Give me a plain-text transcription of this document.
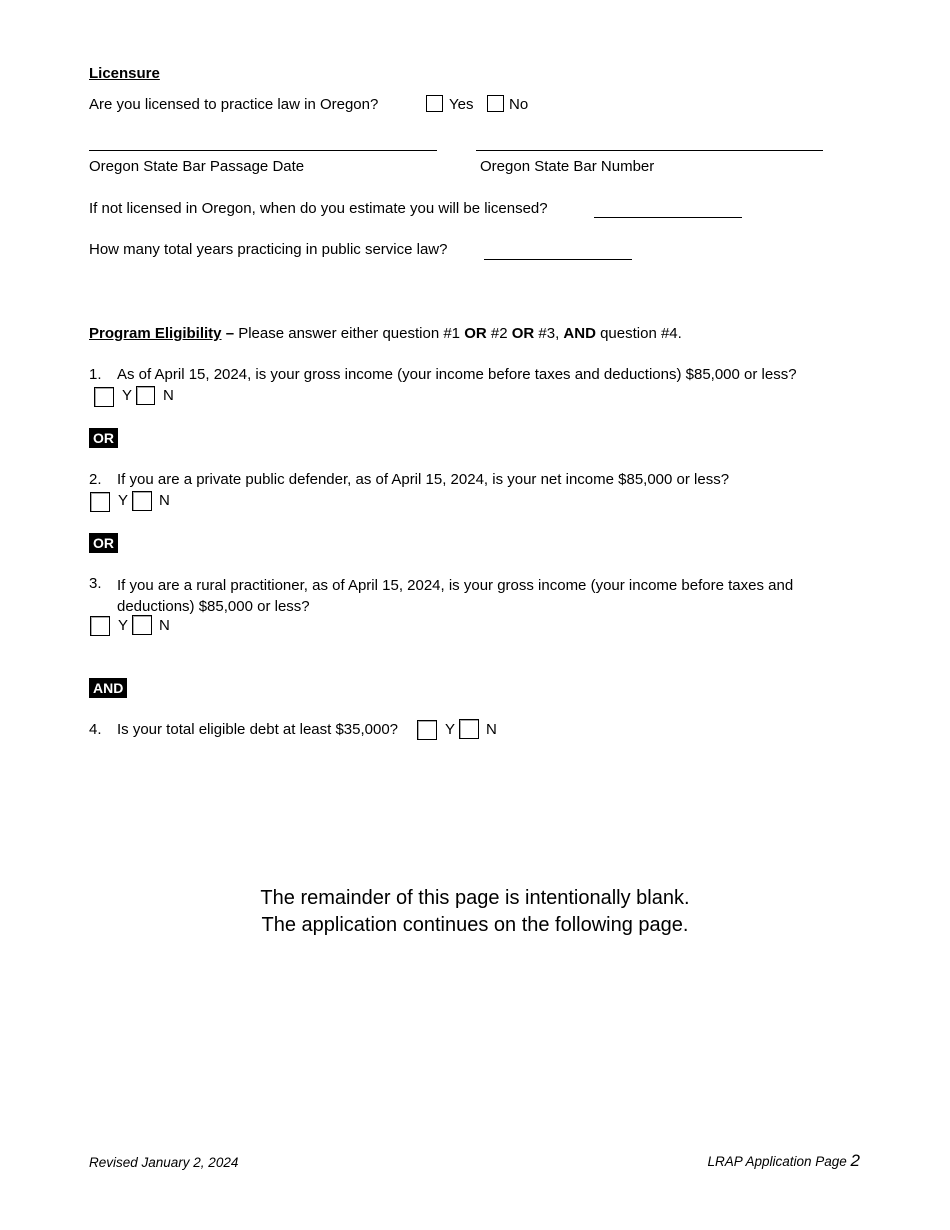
Licensure
Are you licensed to practice law in Oregon?	Yes No
Oregon State Bar Passage Date	Oregon State Bar Number
If not licensed in Oregon, when do you estimate you will be licensed?
How many total years practicing in public service law?
Program Eligibility – Please answer either question #1 OR #2 OR #3, AND question #4.
1. As of April 15, 2024, is your gross income (your income before taxes and deductions) $85,000 or less?
Y N
OR
2. If you are a private public defender, as of April 15, 2024, is your net income $85,000 or less?
Y N
OR
3. If you are a rural practitioner, as of April 15, 2024, is your gross income (your income before taxes and deductions) $85,000 or less?
Y N
AND
4. Is your total eligible debt at least $35,000?	Y N
The remainder of this page is intentionally blank.
The application continues on the following page.
Revised January 2, 2024	LRAP Application Page 2
